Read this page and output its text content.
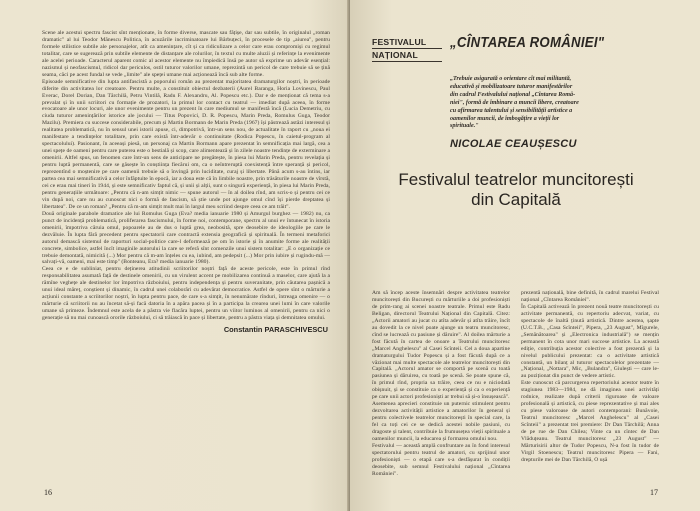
Scene ale acestui spectru fascist sînt menționate, în forme diverse, mascate sau fățișe, dar sau subtile, în originalul „roman dramatic" al lui Teodor Mănescu Politica, în acuzările incriminatoare lui Bărbuțeci, în procesele de tip „aiurea", pentru formele stilistice subtile ale personajelor, atît ca amenințare, cît și ca ridiculizare a celor care erau compromiși cu regimul totalitar, care se sugerează prin subtile elemente de distanțare ale rolurilor, în textul cu multe aluzii și referințe la evenimente ale acelei perioade. Caracterul aparent comic al acestor elemente nu împiedică însă pe autor să exprime un adevăr esențial: nazismul și neofascismul, ridicol dar periculos, ostil tuturor valorilor umane, reprezintă un pericol de care trebuie să se țină seama, căci pe acest fundal se vede „limite" ale speței umane mai acționează încă sub alte forme.
Episoade semnificative din lupta antifascistă a poporului român au prezentat majoritatea dramaturgilor noștri, în perioade diferite din activitatea lor creatoare. Pentru multe, a constituit obiectul dezbaterii (Aurel Baranga, Horia Lovinescu, Paul Everac, Dorel Dorian, Dan Tărchilă, Petru Vintilă, Radu F. Alexandru, Al. Popescu etc.). Dar e de menționat că tema s-a prevalat și în unii scriitori cu formație de prozatori, la primul lor contact cu teatrul — imediat după aceea, în forme evocatoare ale unor locuri, ale unor evenimente pentru un prezent în care mediumul se manifestă încă (Lucia Demetriu, cu ciuda tuturor amenințărilor istorice ale jocului — Titus Popovici, D. R. Popescu, Marin Preda, Romulus Guga, Teodor Mazilu). Premiera cu succese considerabile, precum și Martin Bormann de Marin Preda (1967) își păstrează astăzi interesul și realitatea problematică, nu în sensul unei istorii apuse, ci, dimpotrivă, într-un sens nou, de actualitate în raport cu „noua ei manifestare a tendințelor totalitare, prin care există într-adevăr o continuitate (Rodica Popescu, în caietul-program al spectacolului). Pasionant, în aceeași piesă, un personaj ca Martin Bormann apare prezentat în semnificația mai largă, cea a unei spețe de oameni pentru care puterea este o bestială și scop, care alimentează și în zilele noastre tendințe de exterminare a omenirii. Altfel spus, un fenomen care într-un sens de anticipare ne pregătește, în piesa lui Marin Preda, pentru revelația și pentru luptă permanentă, care se găsește în conștiința fiecărui om, ca o neîntreruptă coexistență între speranță și pericol, reprezentînd o moștenire pe care oamenii trebuie să o învingă prin luciditate, curaj și libertate. Până acum s-au întins, iar partea cea mai semnificativă a celor înfăptuite în epocă, iar a doua este că în limbile noastre, prin trăsăturile noastre de vîrstă, cei ce erau mai tineri în 1944, și este semnificativ faptul că, și unii și alții, sunt o singură experiență, în piesa lui Marin Preda, pentru generațiile următoare: „Pentru că n-am simțit nimic — spune autorul — în al doilea rînd, am scris-o și pentru cei ce vin după noi, care nu au cunoscut nici o formă de fascism, să știe unde pot ajunge omul cînd își pierde dreptatea și libertatea". De ce un roman? „Pentru că m-am simțit mult mai în largul meu scriind despre ceea ce am trăit".
Două originale parabole dramatice ale lui Romulus Guga (Eva? media ianuarie 1980 și Amurgul burghez — 1982) nu, ca punct de incidență problematică, proliferarea fascismului, în forme noi, contemporane, spectru al unui ev întunecat în istoria omenirii, împotriva căruia omul, popoarele au de dus o luptă grea, neobosită, spre deosebire de ideologiile pe care le dezvăluie. În lupta fără precedent pentru spectatorii care contractă extensia geografică și spirituală. În termeni metaforici autorul demască sistemul de raporturi social-politice care-l deformează pe om în istorie și în anumite forme ale realității concrete, simbolice, astfel încît imaginile autorului la care se referă sînt comenzile unui sistem totalitar: „E o organizație ce trebuie demontată, nimicită (...) Mor pentru că m-am înțeles cu ea, iubind, am pedepsit (...) Mor prin iubire și rugindu-mă — salvați-vă, oameni, mai este timp" (Bonteanu, Era? media ianuarie 1980).
Ceea ce e de subliniat, pentru deținerea atitudinii scriitorilor noștri față de aceste pericole, este în primul rînd responsabilitatea asumată față de destinele omenirii, cu un virulent accent pe mobilizarea continuă a maselor, care ajută la a rămîne veghețe ale destinelor lor împotriva războiului, pentru independența și pentru suveranitate, prin căutarea pașnică a unui ideal măreț, conștient și dinamic, în cadrul unei colaborări cu adevărat democratice. Astfel de opere sînt o mărturie a acțiunii constante a scriitorilor noștri, în lupta pentru pace, de care s-a simțit, în nenumărate rînduri, întreaga omenire — o mărturie că scriitorii nu au încetat să-și facă datoria în a apăra pacea și în a participa la crearea unei lumi în care valorile umane să primeze. Îndemnul este acela de a păstra vie flacăra luptei, pentru un viitor luminos al omenirii, pentru ca nici o generație să nu mai cunoască ororile războiului, ci să trăiască în pace și libertate, pentru a păstra viața și demnitatea omului.
Constantin PARASCHIVESCU
16
FESTIVALUL
NAȚIONAL
„CÎNTAREA ROMÂNIEI"
„Trebuie asigurată o orientare cît mai militantă,
educativă și mobilizatoare tuturor manifestărilor
din cadrul Festivalului național „Cîntarea Româ-
niei", formă de îmbinare a muncii libere, creatoare
cu afirmarea talentului și sensibilității artistice a
oamenilor muncii, de îmbogățire a vieții lor
spirituale."
NICOLAE CEAUȘESCU
Festivalul teatrelor muncitorești
din Capitală
Am să încep aceste însemnări despre activitatea teatrelor muncitorești din București cu mărturiile a doi profesioniști de prim-rang ai scenei noastre teatrale. Primul este Radu Beligan, directorul Teatrului Național din Capitală. Citez: „Actorii amatori au jucat cu atîta adevăr și atîta trăire, încît au dovedit la ce nivel poate ajunge un teatru muncitoresc, cînd se lucrează cu pasiune și dăruire". Al doilea mărturie a fost făcută în cartea de onoare a Teatrului muncitoresc „Marcel Anghelescu" al Casei Scînteii. Cel a doua apartine dramaturgului Tudor Popescu și a fost făcută după ce a văzionat mai multe spectacole ale teatrelor muncitorești din Capitală. „Actorul amator se comportă pe scenă cu toată pasiunea și dăruirea, cu toată pe scenă. Se poate spune că, în primul rînd, propria sa trăire, ceea ce nu e niciodată obișnuit, și se constituie ca o experiență și ca o experiență pe care unii actori profesioniști ar trebui să și-o însușească".
Asemenea aprecieri constituie un puternic stimulent pentru dezvoltarea activității artistice a amatorilor în general și pentru colectivele teatrelor muncitorești în special care, la fel ca toți cei ce se dedică acestei nobile pasiuni, cu dragoste și talent, contribuie la frumusețea vieții spirituale a oamenilor muncii, la educarea și formarea omului nou.
Festivalul — această amplă confruntare au în fond interesul spectatorului pentru teatrul de amatori, cu sprijinul unor profesioniști — o etapă care s-a desfășurat în condiții deosebite, sub semnul Festivalului național „Cîntarea României".
prezentă națională, bine definită, în cadrul marelui Festival național „Cîntarea României".
În Capitală activează în prezent nouă teatre muncitorești cu activitate permanentă, cu repertoriu adecvat, variat, cu spectacole de înaltă ținută artistică. Dintre acestea, șapte (U.C.T.B., „Casa Scînteii", Pipera, „23 August", Mîgurele, „Semănătoarea" și „Electronica industrială") se mențin permanent în cota unor mari succese artistice. La această ediție, contribuția acestor colective a fost prezentă și la nivelul publicului prezentat: ca o activitate artistică constantă, un bilanț al tuturor spectacolelor prezentate — „Național, „Nottara", Mic, „Bulandra", Giulești — care le-au poziționat din punct de vedere artistic.
Este cunoscut că parcurgerea repertoriului acestor teatre în stagiunea 1983—1984, ne dă imaginea unei activități rodnice, realizate după criterii riguroase de valoare profesională și artistică, cu piese reprezentative și mai ales cu piese valoroase de autori contemporani: Bunăvoie, Teatrul muncitoresc „Marcel Anghelescu" al „Casei Scînteii" a prezentat trei premiere: Dr Dan Tărchilă; Anna de pe rue de Dan Chilea; Vinte ca un cîntec de Dan Vlăduțeanu. Teatrul muncitoresc „23 August" — Mărturisirii altor de Tudor Popescu, N-a fost în tudor de Virgil Stoenescu; Teatrul muncitoresc Pipera — Fani, drepturile mei de Dan Tărchilă, O ușă
17
